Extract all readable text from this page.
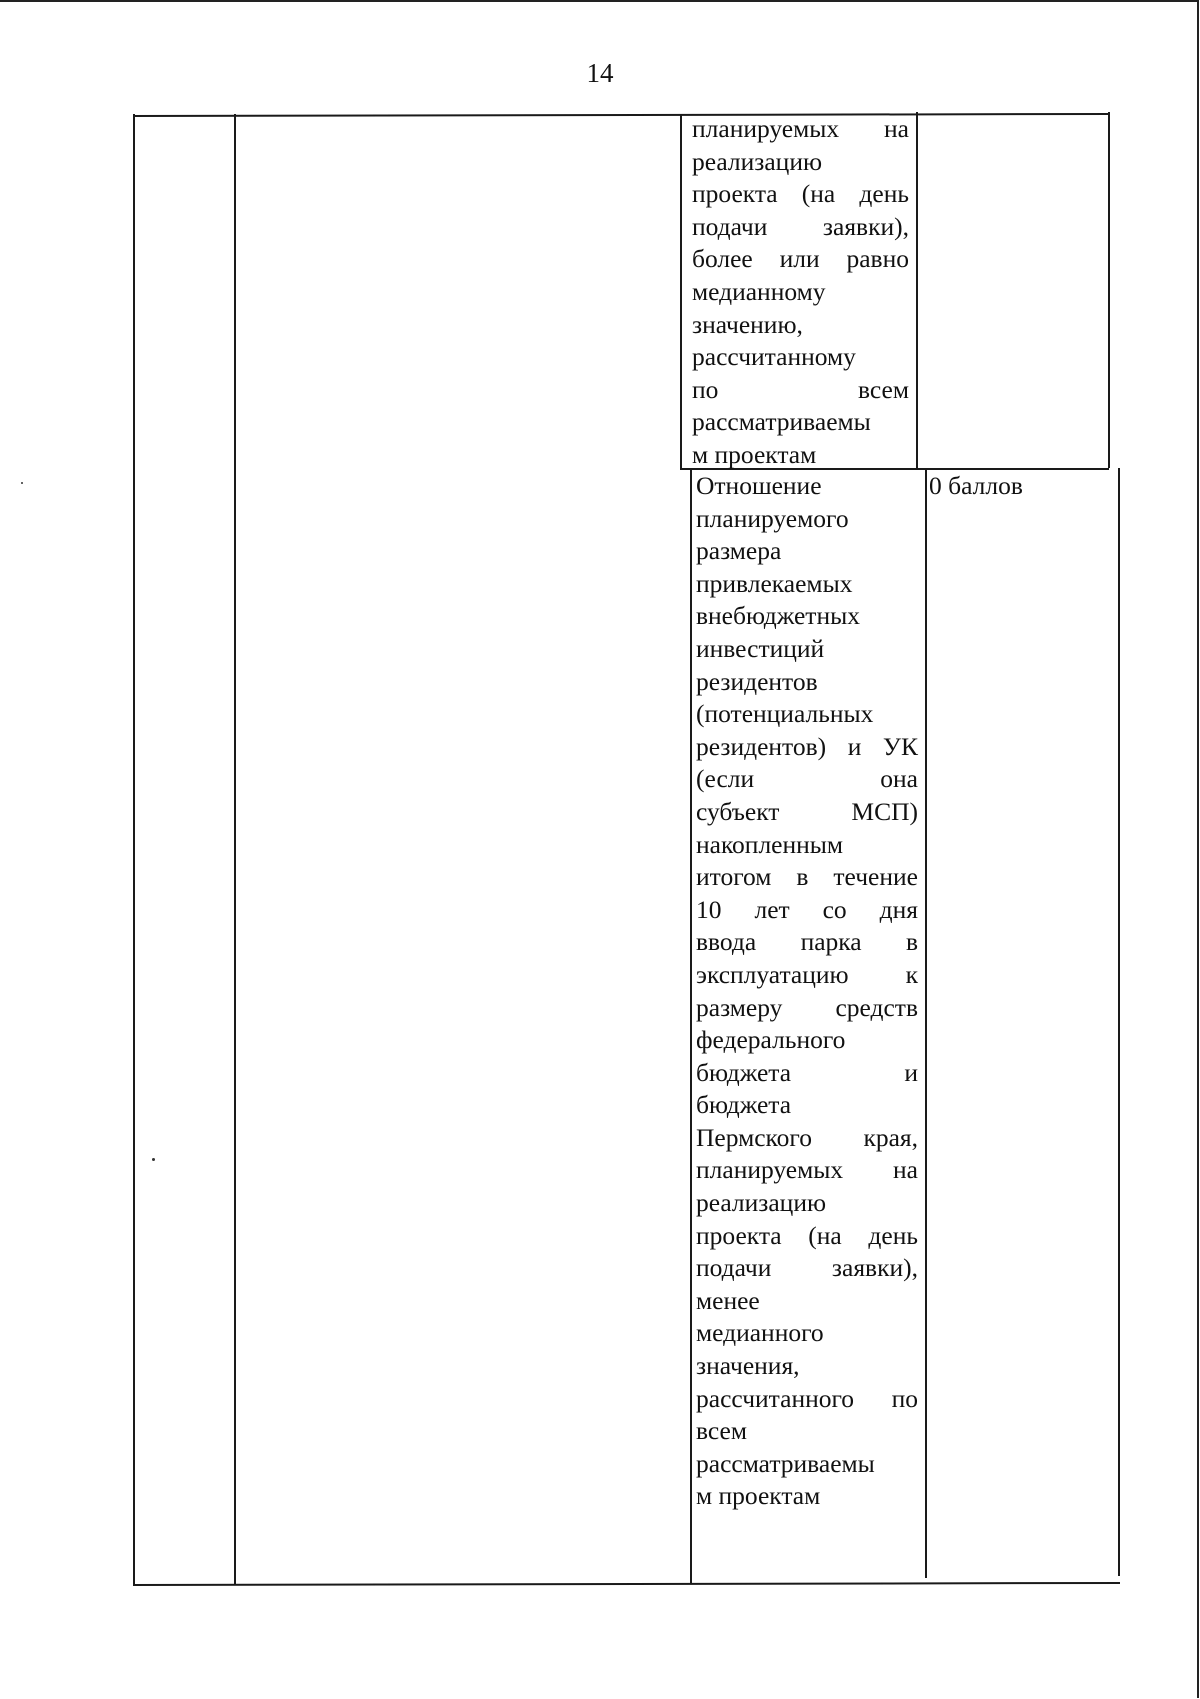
14
планируемых на
реализацию
проекта (на день
подачи заявки),
более или равно
медианному
значению,
рассчитанному
по всем
рассматриваемы
м проектам
Отношение
планируемого
размера
привлекаемых
внебюджетных
инвестиций
резидентов
(потенциальных
резидентов) и УК
(если она
субъект МСП)
накопленным
итогом в течение
10 лет со дня
ввода парка в
эксплуатацию к
размеру средств
федерального
бюджета и
бюджета
Пермского края,
планируемых на
реализацию
проекта (на день
подачи заявки),
менее
медианного
значения,
рассчитанного по
всем
рассматриваемы
м проектам
0 баллов
